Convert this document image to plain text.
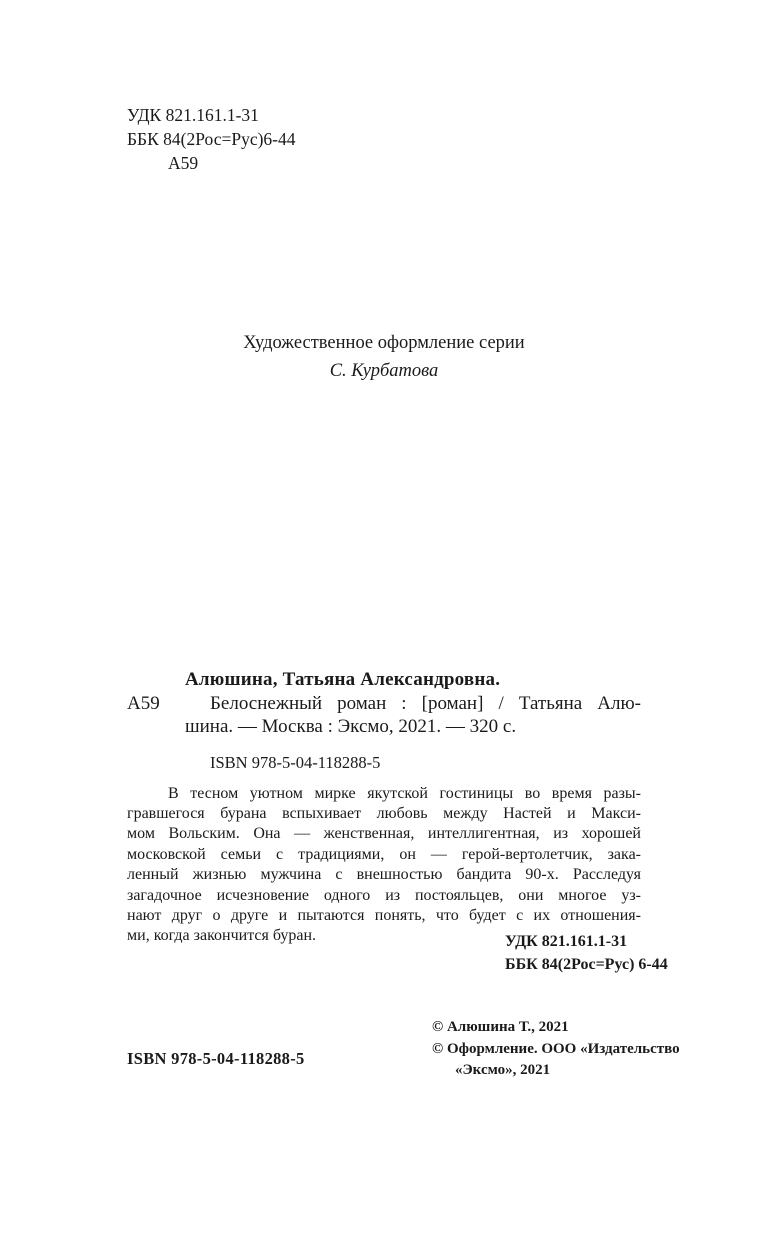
УДК 821.161.1-31
ББК 84(2Рос=Рус)6-44
А59
Художественное оформление серии
С. Курбатова
Алюшина, Татьяна Александровна.
А59	Белоснежный роман : [роман] / Татьяна Алю-
шина. — Москва : Эксмо, 2021. — 320 с.
ISBN 978-5-04-118288-5
В тесном уютном мирке якутской гостиницы во время разы-
гравшегося бурана вспыхивает любовь между Настей и Макси-
мом Вольским. Она — женственная, интеллигентная, из хорошей
московской семьи с традициями, он — герой-вертолетчик, зака-
ленный жизнью мужчина с внешностью бандита 90-х. Расследуя
загадочное исчезновение одного из постояльцев, они многое уз-
нают друг о друге и пытаются понять, что будет с их отношения-
ми, когда закончится буран.	УДК 821.161.1-31
ББК 84(2Рос=Рус) 6-44
© Алюшина Т., 2021
© Оформление. ООО «Издательство
«Эксмо», 2021
ISBN 978-5-04-118288-5
